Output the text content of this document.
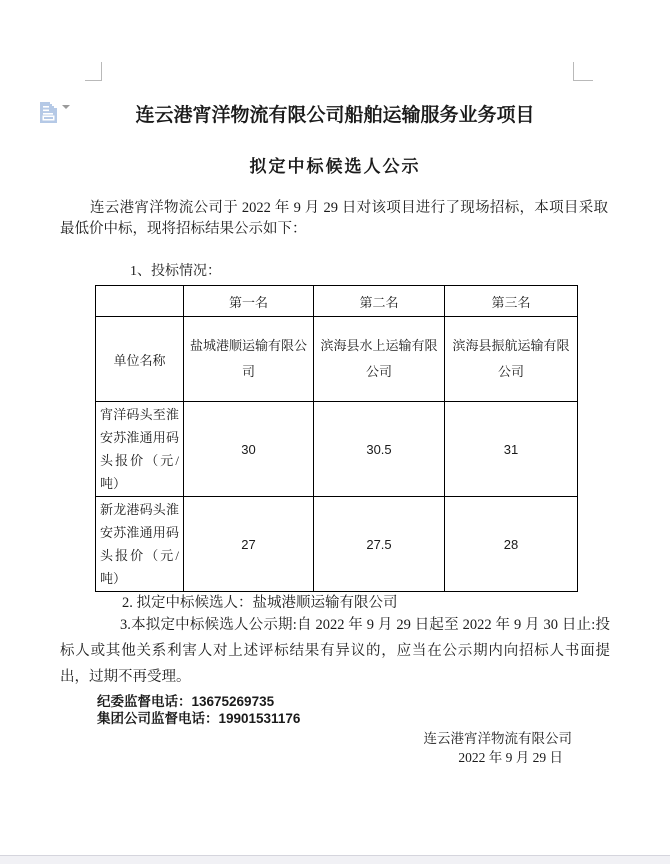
连云港宵洋物流有限公司船舶运输服务业务项目
拟定中标候选人公示
连云港宵洋物流公司于 2022 年 9 月 29 日对该项目进行了现场招标，本项目采取最低价中标，现将招标结果公示如下：
1、投标情况：
	第一名	第二名	第三名
单位名称	盐城港顺运输有限公司	滨海县水上运输有限公司	滨海县振航运输有限公司
宵洋码头至淮安苏淮通用码头报价（元/吨）	30	30.5	31
新龙港码头淮安苏淮通用码头报价（元/吨）	27	27.5	28
2. 拟定中标候选人：盐城港顺运输有限公司
3.本拟定中标候选人公示期:自 2022 年 9 月 29 日起至 2022 年 9 月 30 日止:投标人或其他关系利害人对上述评标结果有异议的，应当在公示期内向招标人书面提出，过期不再受理。
纪委监督电话：13675269735
集团公司监督电话：19901531176
连云港宵洋物流有限公司
2022 年 9 月 29 日
